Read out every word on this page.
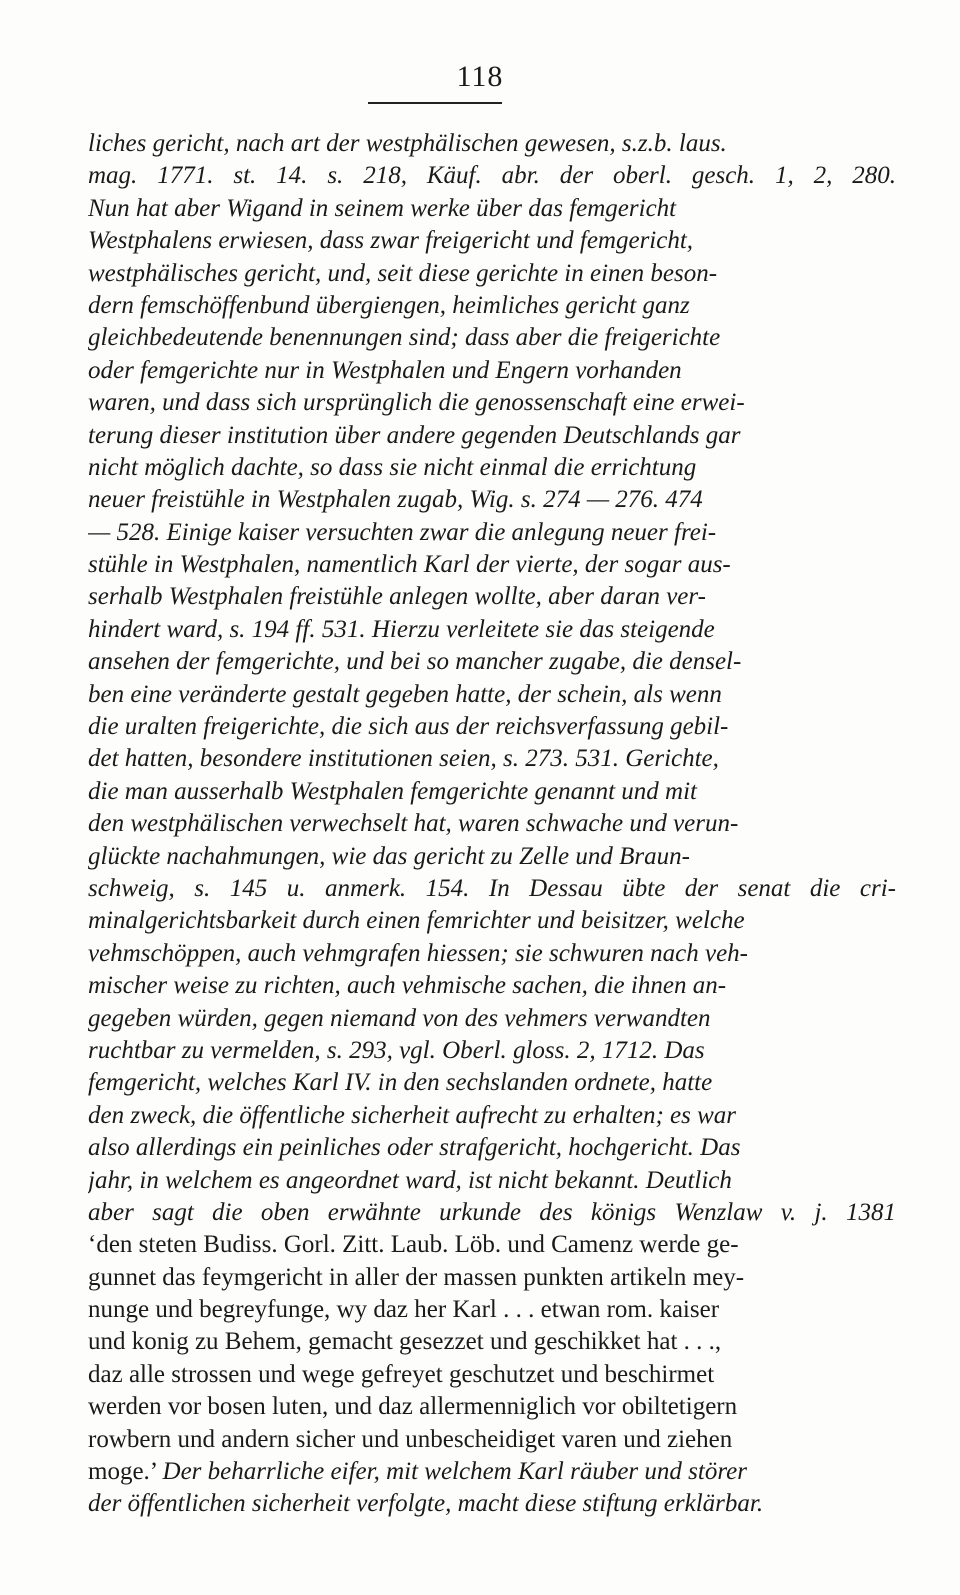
118
liches gericht, nach art der westphälischen gewesen, s.z.b. laus.
mag. 1771. st. 14. s. 218, Käuf. abr. der oberl. gesch. 1, 2, 280.
Nun hat aber Wigand in seinem werke über das femgericht
Westphalens erwiesen, dass zwar freigericht und femgericht,
westphälisches gericht, und, seit diese gerichte in einen beson-
dern femschöffenbund übergiengen, heimliches gericht ganz
gleichbedeutende benennungen sind; dass aber die freigerichte
oder femgerichte nur in Westphalen und Engern vorhanden
waren, und dass sich ursprünglich die genossenschaft eine erwei-
terung dieser institution über andere gegenden Deutschlands gar
nicht möglich dachte, so dass sie nicht einmal die errichtung
neuer freistühle in Westphalen zugab, Wig. s. 274 — 276. 474
— 528. Einige kaiser versuchten zwar die anlegung neuer frei-
stühle in Westphalen, namentlich Karl der vierte, der sogar aus-
serhalb Westphalen freistühle anlegen wollte, aber daran ver-
hindert ward, s. 194 ff. 531. Hierzu verleitete sie das steigende
ansehen der femgerichte, und bei so mancher zugabe, die densel-
ben eine veränderte gestalt gegeben hatte, der schein, als wenn
die uralten freigerichte, die sich aus der reichsverfassung gebil-
det hatten, besondere institutionen seien, s. 273. 531. Gerichte,
die man ausserhalb Westphalen femgerichte genannt und mit
den westphälischen verwechselt hat, waren schwache und verun-
glückte nachahmungen, wie das gericht zu Zelle und Braun-
schweig, s. 145 u. anmerk. 154. In Dessau übte der senat die cri-
minalgerichtsbarkeit durch einen femrichter und beisitzer, welche
vehmschöppen, auch vehmgrafen hiessen; sie schwuren nach veh-
mischer weise zu richten, auch vehmische sachen, die ihnen an-
gegeben würden, gegen niemand von des vehmers verwandten
ruchtbar zu vermelden, s. 293, vgl. Oberl. gloss. 2, 1712. Das
femgericht, welches Karl IV. in den sechslanden ordnete, hatte
den zweck, die öffentliche sicherheit aufrecht zu erhalten; es war
also allerdings ein peinliches oder strafgericht, hochgericht. Das
jahr, in welchem es angeordnet ward, ist nicht bekannt. Deutlich
aber sagt die oben erwähnte urkunde des königs Wenzlaw v. j. 1381
‘den steten Budiss. Gorl. Zitt. Laub. Löb. und Camenz werde ge-
gunnet das feymgericht in aller der massen punkten artikeln mey-
nunge und begreyfunge, wy daz her Karl . . . etwan rom. kaiser
und konig zu Behem, gemacht gesezzet und geschikket hat . . .,
daz alle strossen und wege gefreyet geschutzet und beschirmet
werden vor bosen luten, und daz allermenniglich vor obiltetigern
rowbern und andern sicher und unbescheidiget varen und ziehen
moge.’ Der beharrliche eifer, mit welchem Karl räuber und störer
der öffentlichen sicherheit verfolgte, macht diese stiftung erklärbar.
